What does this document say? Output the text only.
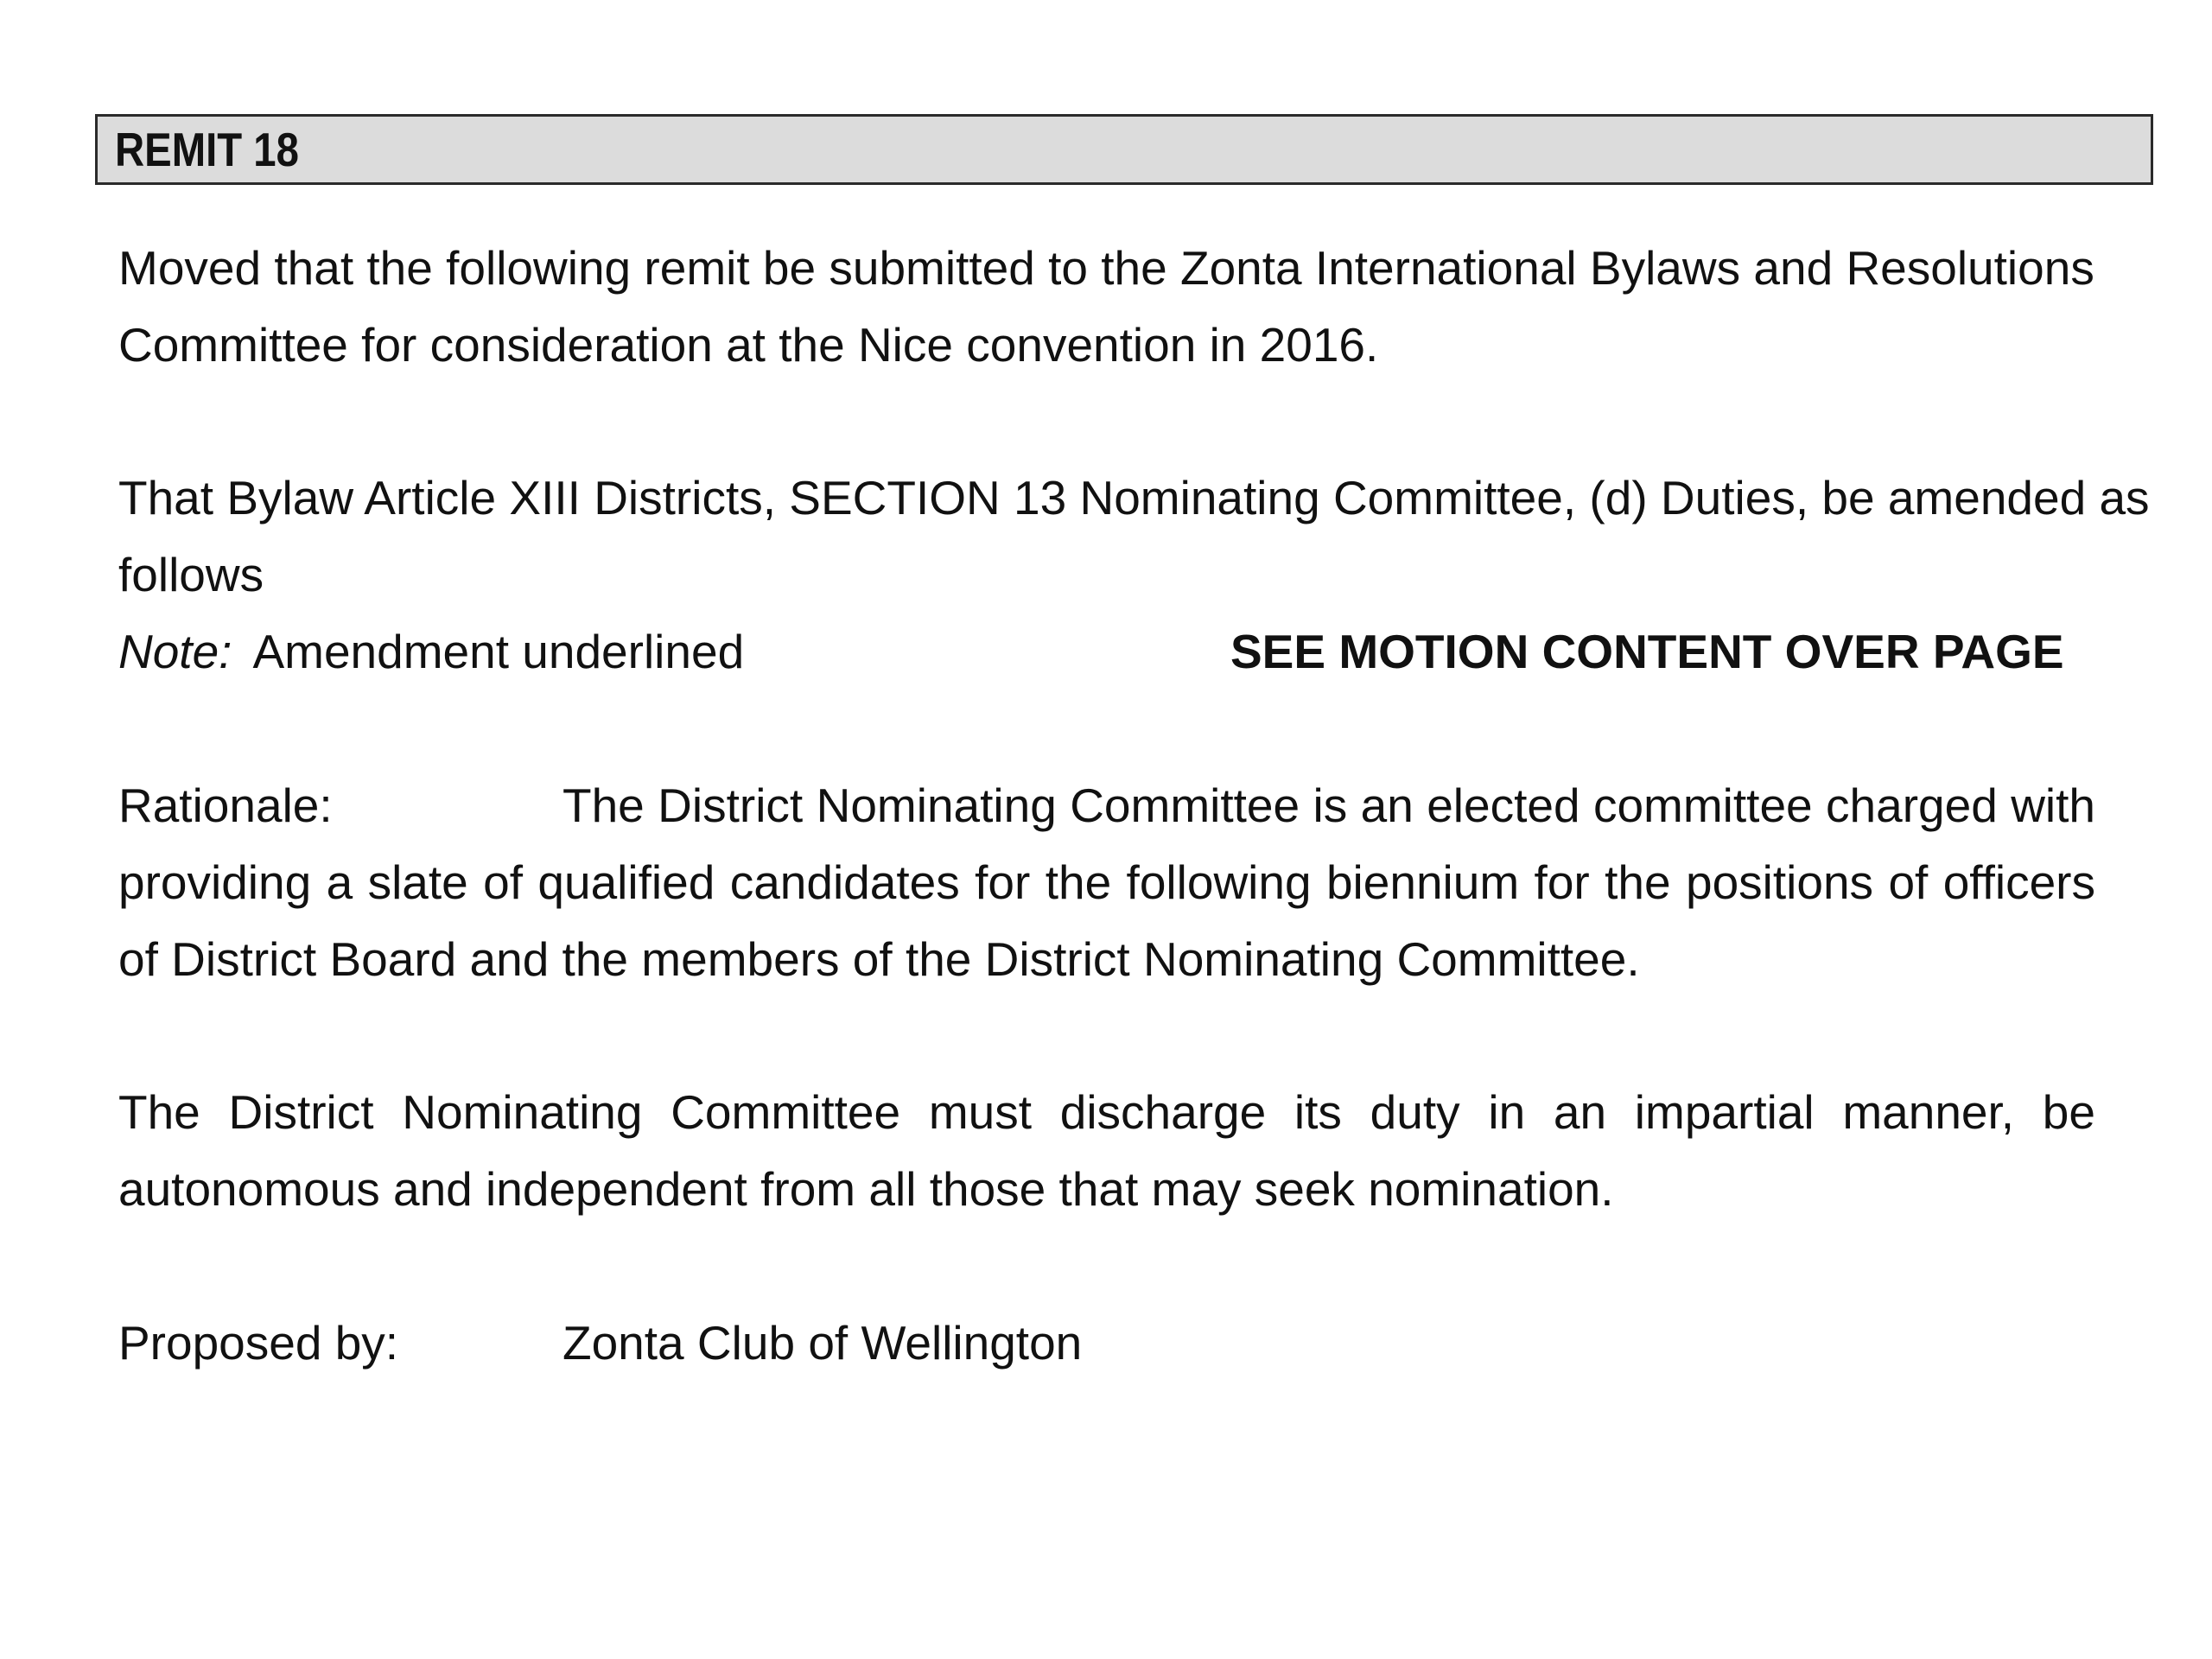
REMIT 18

Moved that the following remit be submitted to the Zonta International Bylaws and Resolutions
Committee for consideration at the Nice convention in 2016.

That Bylaw Article XIII Districts, SECTION 13 Nominating Committee, (d) Duties, be amended as
follows

Note: Amendment underlined	SEE MOTION CONTENT OVER PAGE
Rationale:	The District Nominating Committee is an elected committee charged with providing a slate of qualified candidates for the following biennium for the positions of officers of District Board and the members of the District Nominating Committee.
The District Nominating Committee must discharge its duty in an impartial manner, be autonomous and independent from all those that may seek nomination.
Proposed by:	Zonta Club of Wellington
